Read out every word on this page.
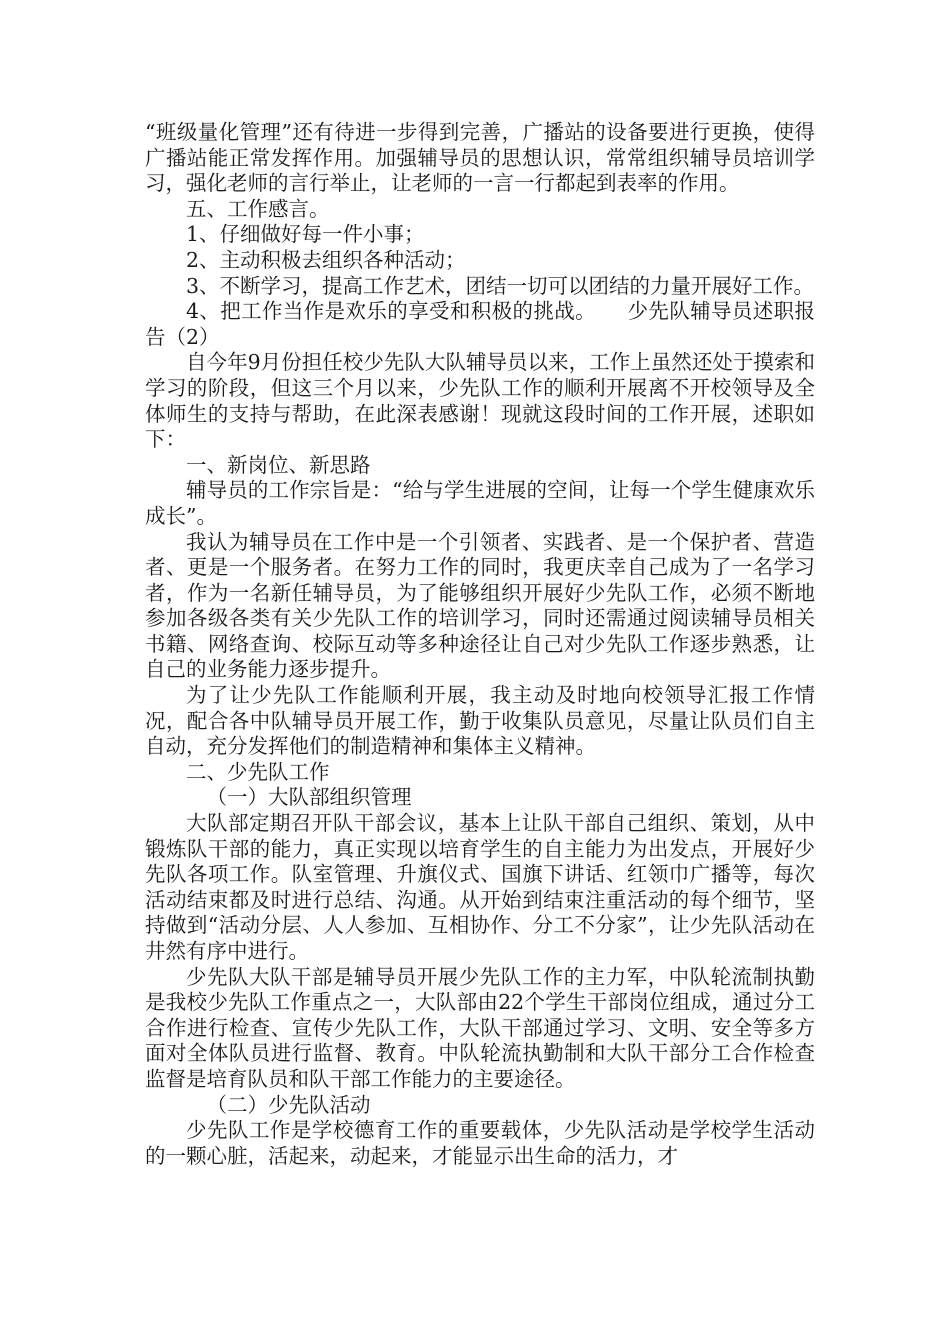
“班级量化管理”还有待进一步得到完善，广播站的设备要进行更换，使得广播站能正常发挥作用。加强辅导员的思想认识，常常组织辅导员培训学习，强化老师的言行举止，让老师的一言一行都起到表率的作用。

五、工作感言。

1、仔细做好每一件小事；

2、主动积极去组织各种活动；

3、不断学习，提高工作艺术，团结一切可以团结的力量开展好工作。

4、把工作当作是欢乐的享受和积极的挑战。　　少先队辅导员述职报告（2）

自今年9月份担任校少先队大队辅导员以来，工作上虽然还处于摸索和学习的阶段，但这三个月以来，少先队工作的顺利开展离不开校领导及全体师生的支持与帮助，在此深表感谢！现就这段时间的工作开展，述职如下：

一、新岗位、新思路

辅导员的工作宗旨是：“给与学生进展的空间，让每一个学生健康欢乐成长”。

我认为辅导员在工作中是一个引领者、实践者、是一个保护者、营造者、更是一个服务者。在努力工作的同时，我更庆幸自己成为了一名学习者，作为一名新任辅导员，为了能够组织开展好少先队工作，必须不断地参加各级各类有关少先队工作的培训学习，同时还需通过阅读辅导员相关书籍、网络查询、校际互动等多种途径让自己对少先队工作逐步熟悉，让自己的业务能力逐步提升。

为了让少先队工作能顺利开展，我主动及时地向校领导汇报工作情况，配合各中队辅导员开展工作，勤于收集队员意见，尽量让队员们自主自动，充分发挥他们的制造精神和集体主义精神。

二、少先队工作

（一）大队部组织管理

大队部定期召开队干部会议，基本上让队干部自己组织、策划，从中锻炼队干部的能力，真正实现以培育学生的自主能力为出发点，开展好少先队各项工作。队室管理、升旗仪式、国旗下讲话、红领巾广播等，每次活动结束都及时进行总结、沟通。从开始到结束注重活动的每个细节，坚持做到“活动分层、人人参加、互相协作、分工不分家”，让少先队活动在井然有序中进行。

少先队大队干部是辅导员开展少先队工作的主力军，中队轮流制执勤是我校少先队工作重点之一，大队部由22个学生干部岗位组成，通过分工合作进行检查、宣传少先队工作，大队干部通过学习、文明、安全等多方面对全体队员进行监督、教育。中队轮流执勤制和大队干部分工合作检查监督是培育队员和队干部工作能力的主要途径。

（二）少先队活动

少先队工作是学校德育工作的重要载体，少先队活动是学校学生活动的一颗心脏，活起来，动起来，才能显示出生命的活力，才
